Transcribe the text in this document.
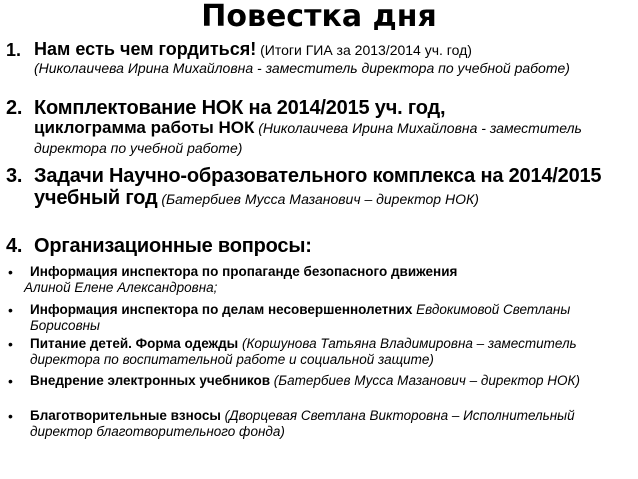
Повестка дня
1. Нам есть чем гордиться! (Итоги ГИА за 2013/2014 уч. год)
(Николаичева Ирина Михайловна - заместитель директора по учебной работе)
2. Комплектование НОК на 2014/2015 уч. год,
циклограмма работы НОК (Николаичева Ирина Михайловна - заместитель директора по учебной работе)
3. Задачи Научно-образовательного комплекса на 2014/2015 учебный год (Батербиев Мусса Мазанович – директор НОК)
4. Организационные вопросы:
• Информация инспектора по пропаганде безопасного движения
Алиной Елене Александровна;
• Информация инспектора по делам несовершеннолетних Евдокимовой Светланы Борисовны
• Питание детей. Форма одежды (Коршунова Татьяна Владимировна – заместитель директора по воспитательной работе и социальной защите)
• Внедрение электронных учебников (Батербиев Мусса Мазанович – директор НОК)
• Благотворительные взносы (Дворцевая Светлана Викторовна – Исполнительный директор благотворительного фонда)
